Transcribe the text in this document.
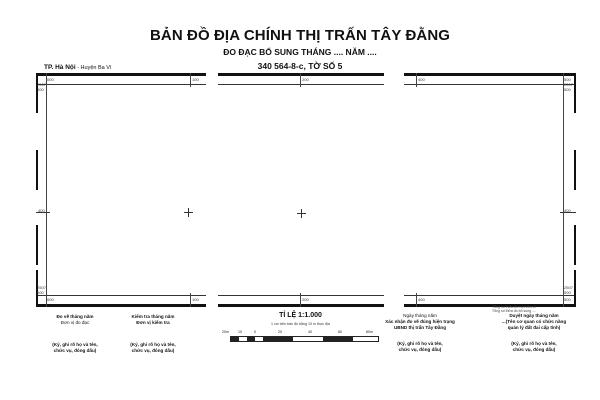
BẢN ĐỒ ĐỊA CHÍNH THỊ TRẤN TÂY ĐẰNG
ĐO ĐẠC BỔ SUNG THÁNG .... NĂM ....
340 564-8-c, TỜ SỐ 5
TP. Hà Nội - Huyện Ba Vì
000	100	200	400	500
400	400
000	100	200	400	500
2507
500
2507
500
2507
000
2507
000
Đo vẽ tháng năm
Đơn vị đo đạc
(Ký, ghi rõ họ và tên,
chức vụ, đóng dấu)
Kiểm tra tháng năm
Đơn vị kiểm tra
(Ký, ghi rõ họ và tên,
chức vụ, đóng dấu)
Ngày tháng năm
Xác nhận đo vẽ đúng hiện trạng
UBND thị trấn Tây Đằng
(Ký, ghi rõ họ và tên,
chức vụ, đóng dấu)
Duyệt ngày tháng năm
...(Tên cơ quan có chức năng
quản lý đất đai cấp tỉnh)
(Ký, ghi rõ họ và tên,
chức vụ, đóng dấu)
Tổng số thửa đo mới trên tờ
Tổng số thửa đo bổ sung ....
TỈ LỆ 1:1.000
1 cm trên bản đồ bằng 10 m thực địa
20m	10	0	20	40	60	80m
